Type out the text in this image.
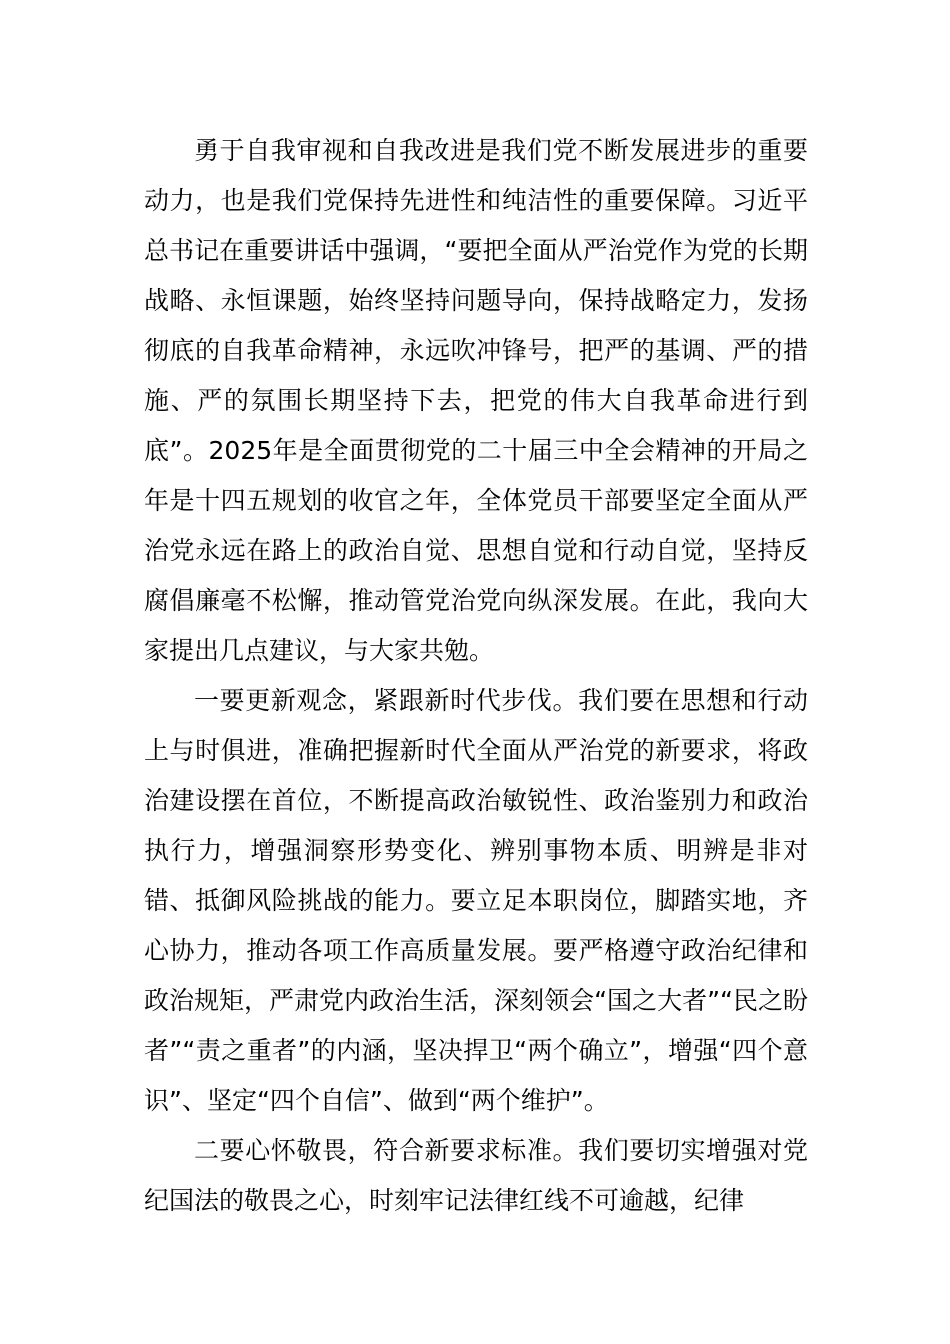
勇于自我审视和自我改进是我们党不断发展进步的重要动力，也是我们党保持先进性和纯洁性的重要保障。习近平总书记在重要讲话中强调，“要把全面从严治党作为党的长期战略、永恒课题，始终坚持问题导向，保持战略定力，发扬彻底的自我革命精神，永远吹冲锋号，把严的基调、严的措施、严的氛围长期坚持下去，把党的伟大自我革命进行到底”。2025年是全面贯彻党的二十届三中全会精神的开局之年是十四五规划的收官之年，全体党员干部要坚定全面从严治党永远在路上的政治自觉、思想自觉和行动自觉，坚持反腐倡廉毫不松懈，推动管党治党向纵深发展。在此，我向大家提出几点建议，与大家共勉。

一要更新观念，紧跟新时代步伐。我们要在思想和行动上与时俱进，准确把握新时代全面从严治党的新要求，将政治建设摆在首位，不断提高政治敏锐性、政治鉴别力和政治执行力，增强洞察形势变化、辨别事物本质、明辨是非对错、抵御风险挑战的能力。要立足本职岗位，脚踏实地，齐心协力，推动各项工作高质量发展。要严格遵守政治纪律和政治规矩，严肃党内政治生活，深刻领会“国之大者”“民之盼者”“责之重者”的内涵，坚决捍卫“两个确立”，增强“四个意识”、坚定“四个自信”、做到“两个维护”。

二要心怀敬畏，符合新要求标准。我们要切实增强对党纪国法的敬畏之心，时刻牢记法律红线不可逾越，纪律
